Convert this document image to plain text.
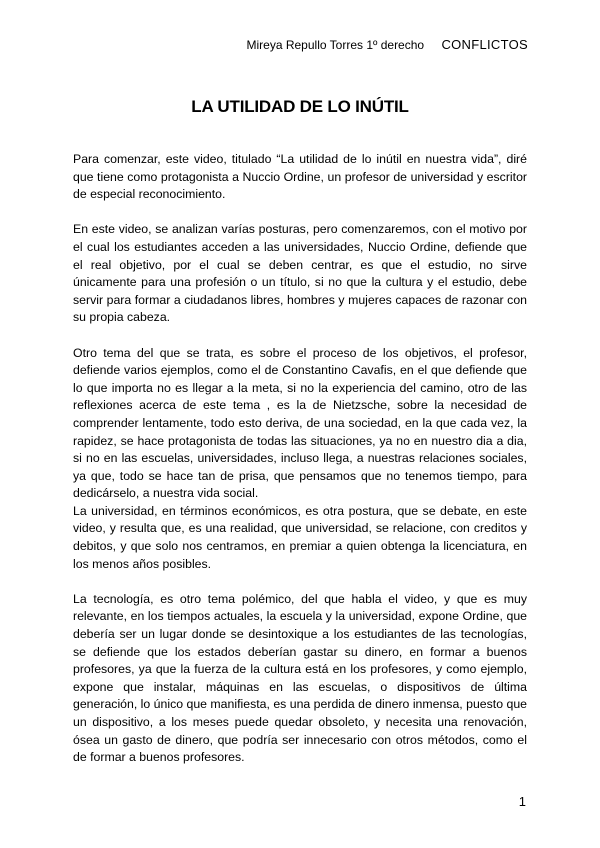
Mireya Repullo Torres 1º derecho CONFLICTOS
LA UTILIDAD DE LO INÚTIL

Para comenzar, este video, titulado “La utilidad de lo inútil en nuestra vida”, diré que tiene como protagonista a Nuccio Ordine, un profesor de universidad y escritor de especial reconocimiento.

En este video, se analizan varías posturas, pero comenzaremos, con el motivo por el cual los estudiantes acceden a las universidades, Nuccio Ordine, defiende que el real objetivo, por el cual se deben centrar, es que el estudio, no sirve únicamente para una profesión o un título, si no que la cultura y el estudio, debe servir para formar a ciudadanos libres, hombres y mujeres capaces de razonar con su propia cabeza.

Otro tema del que se trata, es sobre el proceso de los objetivos, el profesor, defiende varios ejemplos, como el de Constantino Cavafis, en el que defiende que lo que importa no es llegar a la meta, si no la experiencia del camino, otro de las reflexiones acerca de este tema , es la de Nietzsche, sobre la necesidad de comprender lentamente, todo esto deriva, de una sociedad, en la que cada vez, la rapidez, se hace protagonista de todas las situaciones, ya no en nuestro dia a dia, si no en las escuelas, universidades, incluso llega, a nuestras relaciones sociales, ya que, todo se hace tan de prisa, que pensamos que no tenemos tiempo, para dedicárselo, a nuestra vida social.

La universidad, en términos económicos, es otra postura, que se debate, en este video, y resulta que, es una realidad, que universidad, se relacione, con creditos y debitos, y que solo nos centramos, en premiar a quien obtenga la licenciatura, en los menos años posibles.

La tecnología, es otro tema polémico, del que habla el video, y que es muy relevante, en los tiempos actuales, la escuela y la universidad, expone Ordine, que debería ser un lugar donde se desintoxique a los estudiantes de las tecnologías, se defiende que los estados deberían gastar su dinero, en formar a buenos profesores, ya que la fuerza de la cultura está en los profesores, y como ejemplo, expone que instalar, máquinas en las escuelas, o dispositivos de última generación, lo único que manifiesta, es una perdida de dinero inmensa, puesto que un dispositivo, a los meses puede quedar obsoleto, y necesita una renovación, ósea un gasto de dinero, que podría ser innecesario con otros métodos, como el de formar a buenos profesores.

1
